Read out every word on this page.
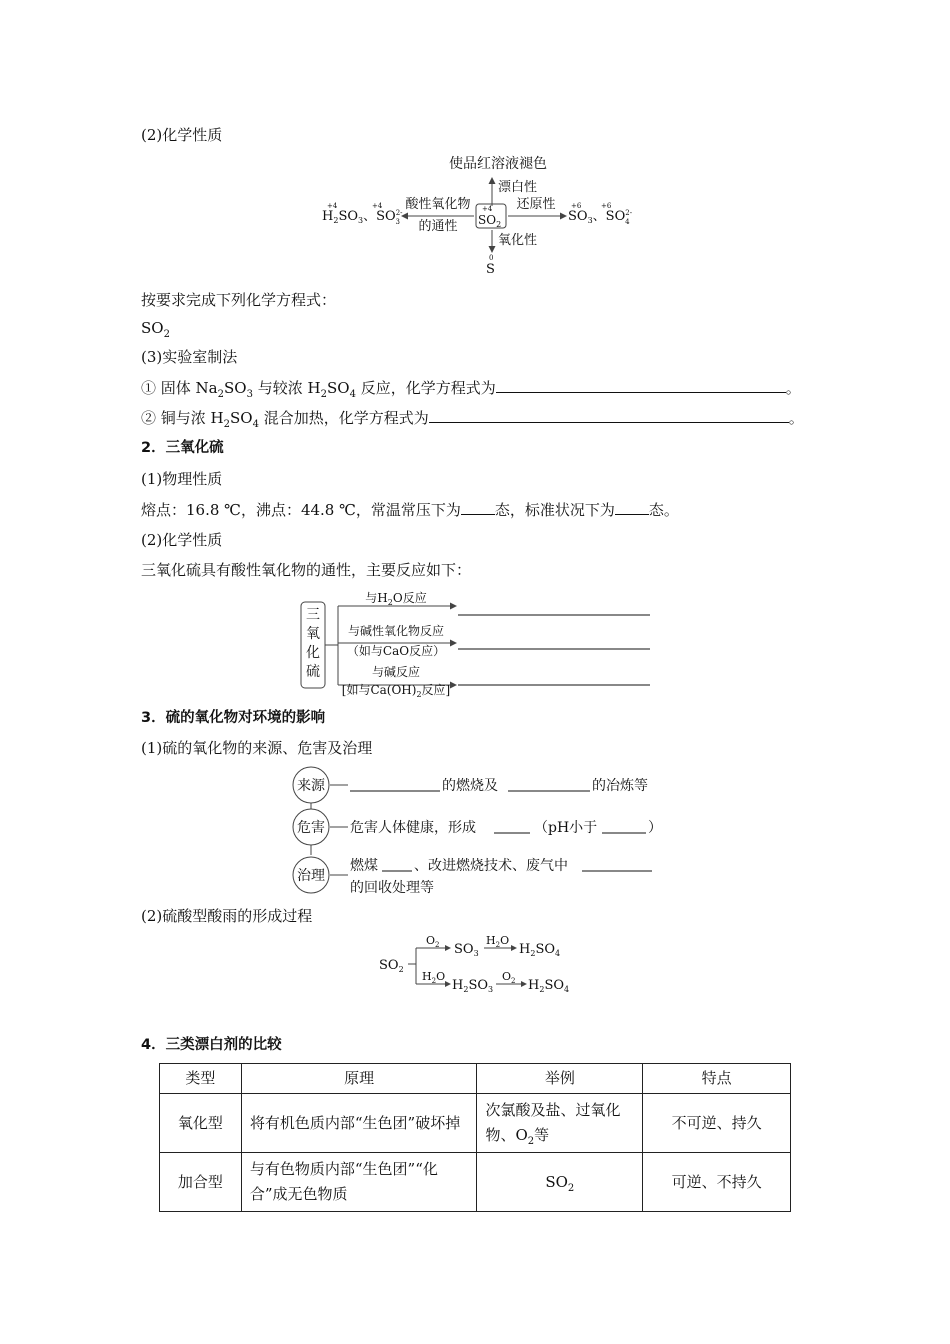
(2)化学性质
使品红溶液褪色
漂白性
+4
$SO_2$
酸性氧化物
的通性
+4	+4
$H_2SO_3$、$SO^{2-}3$
还原性 +6	+6
$SO_3$、$SO^{2-}4$
氧化性
0
S
按要求完成下列化学方程式：
$SO_2$
(3)实验室制法
① 固体 $Na_2SO_3$ 与较浓 $H_2SO_4$ 反应，化学方程式为	。
② 铜与浓 $H_2SO_4$ 混合加热，化学方程式为	。
2．三氧化硫
(1)物理性质
熔点：16.8 ℃，沸点：44.8 ℃，常温常压下为 态，标准状况下为 态。
(2)化学性质
三氧化硫具有酸性氧化物的通性，主要反应如下：
三
氧
化
硫
与$H_2O$反应
与碱性氧化物反应
（如与CaO反应）
与碱反应
[如与$Ca(OH)_2$反应]
3．硫的氧化物对环境的影响
(1)硫的氧化物的来源、危害及治理
来源	的燃烧及	的冶炼等
危害 危害人体健康，形成	（pH小于	）
治理
燃煤	、改进燃烧技术、废气中
的回收处理等
(2)硫酸型酸雨的形成过程
$SO_2$
$O_2$ $SO_3$
$H_2O$
$H_2SO_4$
$H_2O$
$H_2SO_3$
$O_2$ $H_2SO_4$
4．三类漂白剂的比较
类型	原理	举例	特点
氧化型	将有机色质内部“生色团”破坏掉	次氯酸及盐、过氧化物、$O_2$等	不可逆、持久
加合型	与有色物质内部“生色团”“化合”成无色物质	$SO_2$	可逆、不持久
